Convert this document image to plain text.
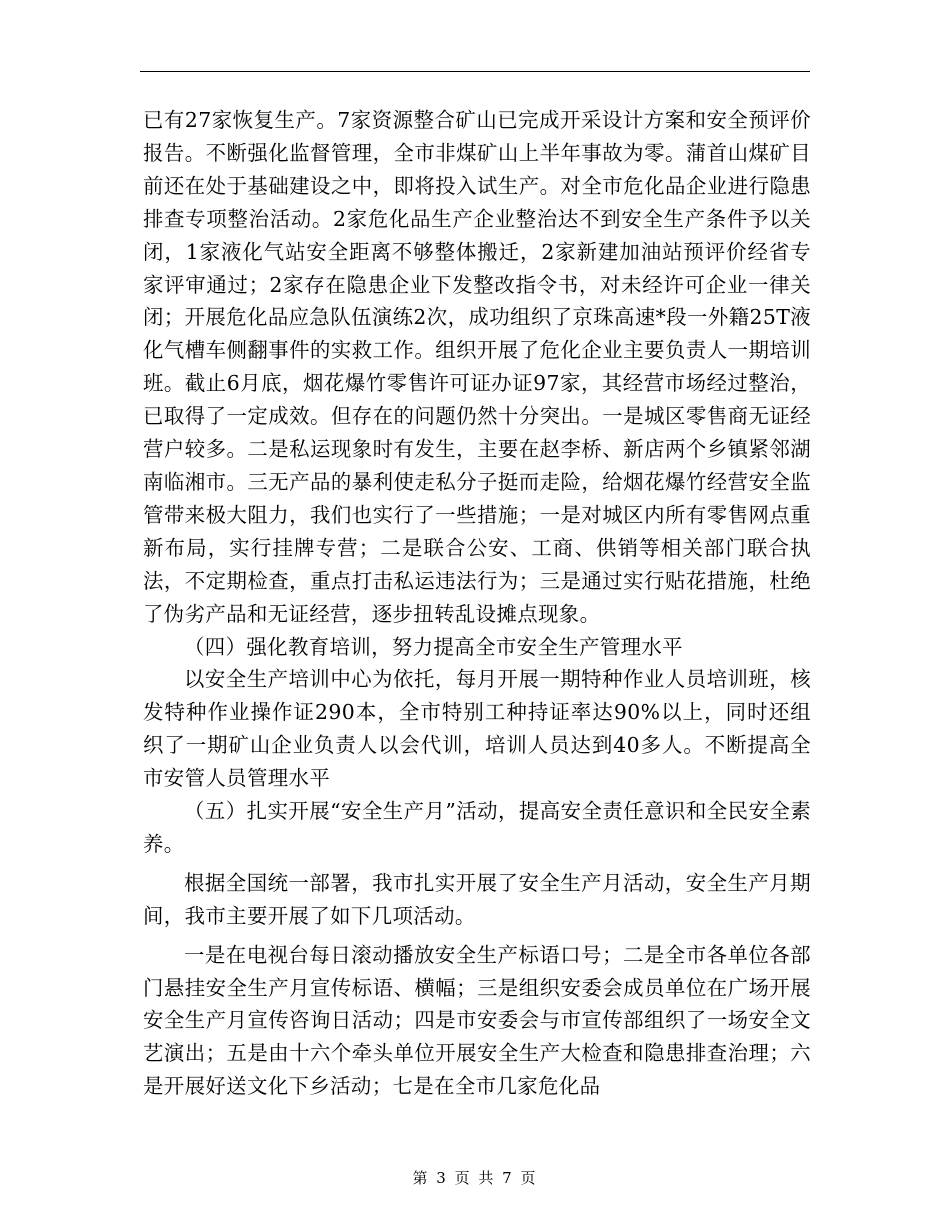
已有27家恢复生产。7家资源整合矿山已完成开采设计方案和安全预评价报告。不断强化监督管理，全市非煤矿山上半年事故为零。蒲首山煤矿目前还在处于基础建设之中，即将投入试生产。对全市危化品企业进行隐患排查专项整治活动。2家危化品生产企业整治达不到安全生产条件予以关闭，1家液化气站安全距离不够整体搬迁，2家新建加油站预评价经省专家评审通过；2家存在隐患企业下发整改指令书，对未经许可企业一律关闭；开展危化品应急队伍演练2次，成功组织了京珠高速*段一外籍25T液化气槽车侧翻事件的实救工作。组织开展了危化企业主要负责人一期培训班。截止6月底，烟花爆竹零售许可证办证97家，其经营市场经过整治，已取得了一定成效。但存在的问题仍然十分突出。一是城区零售商无证经营户较多。二是私运现象时有发生，主要在赵李桥、新店两个乡镇紧邻湖南临湘市。三无产品的暴利使走私分子挺而走险，给烟花爆竹经营安全监管带来极大阻力，我们也实行了一些措施；一是对城区内所有零售网点重新布局，实行挂牌专营；二是联合公安、工商、供销等相关部门联合执法，不定期检查，重点打击私运违法行为；三是通过实行贴花措施，杜绝了伪劣产品和无证经营，逐步扭转乱设摊点现象。

（四）强化教育培训，努力提高全市安全生产管理水平

以安全生产培训中心为依托，每月开展一期特种作业人员培训班，核发特种作业操作证290本，全市特别工种持证率达90%以上，同时还组织了一期矿山企业负责人以会代训，培训人员达到40多人。不断提高全市安管人员管理水平

（五）扎实开展“安全生产月”活动，提高安全责任意识和全民安全素养。

根据全国统一部署，我市扎实开展了安全生产月活动，安全生产月期间，我市主要开展了如下几项活动。

一是在电视台每日滚动播放安全生产标语口号；二是全市各单位各部门悬挂安全生产月宣传标语、横幅；三是组织安委会成员单位在广场开展安全生产月宣传咨询日活动；四是市安委会与市宣传部组织了一场安全文艺演出；五是由十六个牵头单位开展安全生产大检查和隐患排查治理；六是开展好送文化下乡活动；七是在全市几家危化品

第 3 页 共 7 页
